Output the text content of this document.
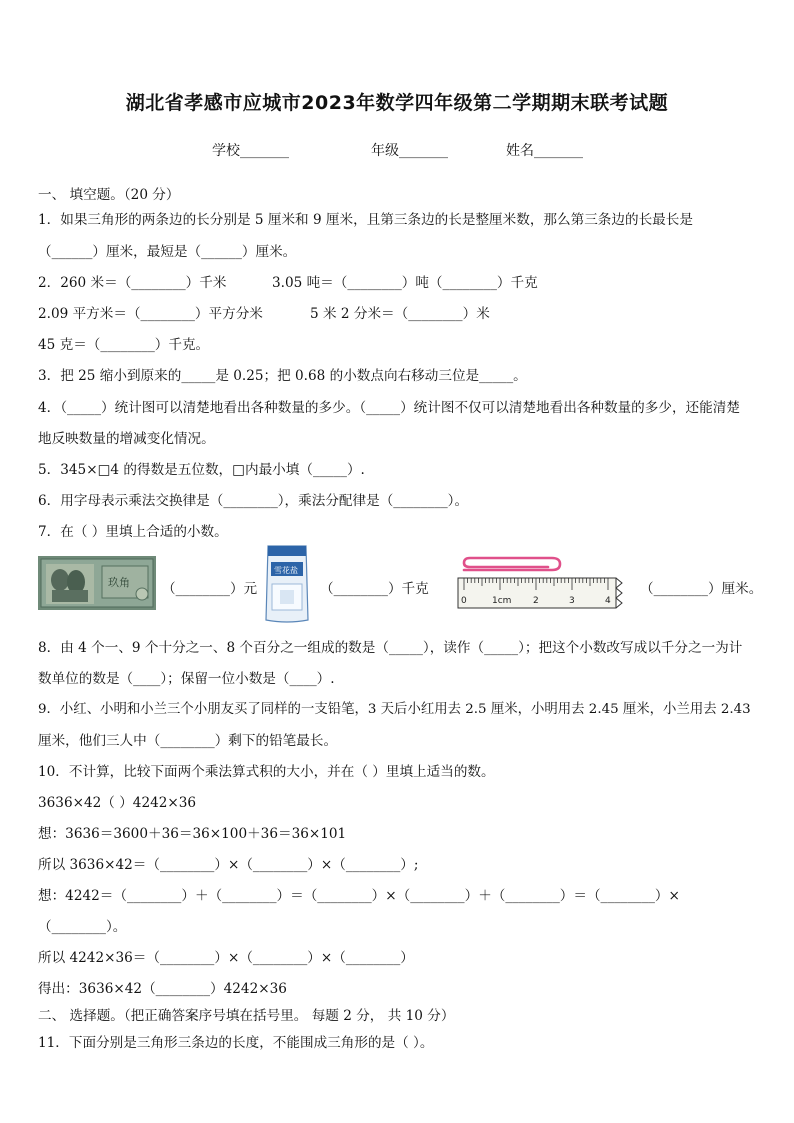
湖北省孝感市应城市2023年数学四年级第二学期期末联考试题
学校_______	年级_______	姓名_______
一、 填空题。（20 分）
1．如果三角形的两条边的长分别是 5 厘米和 9 厘米，且第三条边的长是整厘米数，那么第三条边的长最长是
（______）厘米，最短是（______）厘米。
2．260 米＝（________）千米	3.05 吨＝（________）吨（________）千克
2.09 平方米＝（________）平方分米	5 米 2 分米＝（________）米
45 克＝（________）千克。
3．把 25 缩小到原来的_____是 0.25；把 0.68 的小数点向右移动三位是_____。
4．（_____）统计图可以清楚地看出各种数量的多少。（_____）统计图不仅可以清楚地看出各种数量的多少，还能清楚
地反映数量的增减变化情况。
5．345×□4 的得数是五位数，□内最小填（_____）.
6．用字母表示乘法交换律是（________），乘法分配律是（________）。
7．在（ ）里填上合适的小数。
玖角 （________）元
雪花盐
（________）千克
0	1cm 2	3	4
（________）厘米。
8．由 4 个一、9 个十分之一、8 个百分之一组成的数是（_____），读作（_____）；把这个小数改写成以千分之一为计
数单位的数是（____）；保留一位小数是（____）.
9．小红、小明和小兰三个小朋友买了同样的一支铅笔，3 天后小红用去 2.5 厘米，小明用去 2.45 厘米，小兰用去 2.43
厘米，他们三人中（________）剩下的铅笔最长。
10．不计算，比较下面两个乘法算式积的大小，并在（ ）里填上适当的数。
3636×42（ ）4242×36
想：3636＝3600＋36＝36×100＋36＝36×101
所以 3636×42＝（________）×（________）×（________）;
想：4242＝（________）＋（________）＝（________）×（________）＋（________）＝（________）×
（________）。
所以 4242×36＝（________）×（________）×（________）
得出：3636×42（________）4242×36
二、 选择题。（把正确答案序号填在括号里。 每题 2 分， 共 10 分）
11．下面分别是三角形三条边的长度，不能围成三角形的是（ ）。
